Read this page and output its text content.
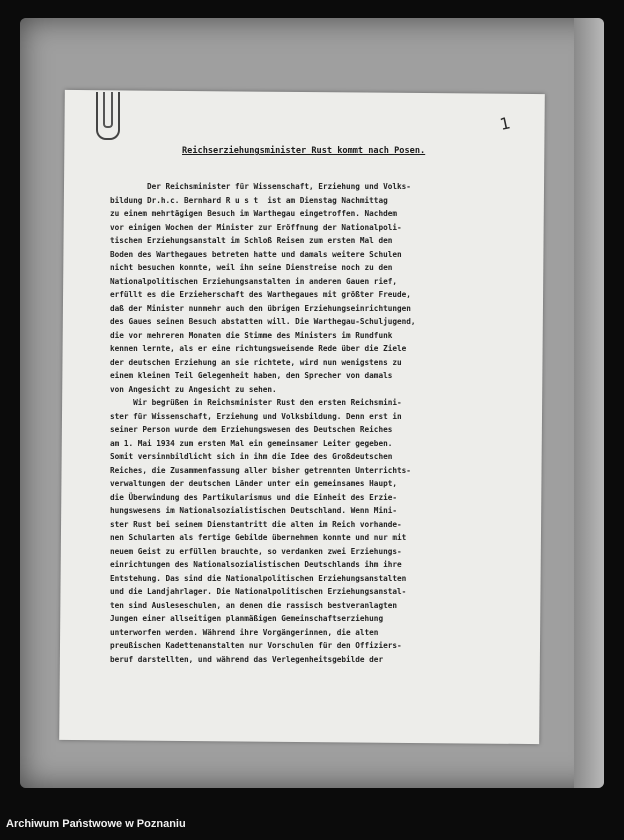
1
Reichserziehungsminister Rust kommt nach Posen.
Der Reichsminister für Wissenschaft, Erziehung und Volks-
bildung Dr.h.c. Bernhard R u s t  ist am Dienstag Nachmittag
zu einem mehrtägigen Besuch im Warthegau eingetroffen. Nachdem
vor einigen Wochen der Minister zur Eröffnung der Nationalpoli-
tischen Erziehungsanstalt im Schloß Reisen zum ersten Mal den
Boden des Warthegaues betreten hatte und damals weitere Schulen
nicht besuchen konnte, weil ihn seine Dienstreise noch zu den
Nationalpolitischen Erziehungsanstalten in anderen Gauen rief,
erfüllt es die Erzieherschaft des Warthegaues mit größter Freude,
daß der Minister nunmehr auch den übrigen Erziehungseinrichtungen
des Gaues seinen Besuch abstatten will. Die Warthegau-Schuljugend,
die vor mehreren Monaten die Stimme des Ministers im Rundfunk
kennen lernte, als er eine richtungsweisende Rede über die Ziele
der deutschen Erziehung an sie richtete, wird nun wenigstens zu
einem kleinen Teil Gelegenheit haben, den Sprecher von damals
von Angesicht zu Angesicht zu sehen.
Wir begrüßen in Reichsminister Rust den ersten Reichsmini-
ster für Wissenschaft, Erziehung und Volksbildung. Denn erst in
seiner Person wurde dem Erziehungswesen des Deutschen Reiches
am 1. Mai 1934 zum ersten Mal ein gemeinsamer Leiter gegeben.
Somit versinnbildlicht sich in ihm die Idee des Großdeutschen
Reiches, die Zusammenfassung aller bisher getrennten Unterrichts-
verwaltungen der deutschen Länder unter ein gemeinsames Haupt,
die Überwindung des Partikularismus und die Einheit des Erzie-
hungswesens im Nationalsozialistischen Deutschland. Wenn Mini-
ster Rust bei seinem Dienstantritt die alten im Reich vorhande-
nen Schularten als fertige Gebilde übernehmen konnte und nur mit
neuem Geist zu erfüllen brauchte, so verdanken zwei Erziehungs-
einrichtungen des Nationalsozialistischen Deutschlands ihm ihre
Entstehung. Das sind die Nationalpolitischen Erziehungsanstalten
und die Landjahrlager. Die Nationalpolitischen Erziehungsanstal-
ten sind Ausleseschulen, an denen die rassisch bestveranlagten
Jungen einer allseitigen planmäßigen Gemeinschaftserziehung
unterworfen werden. Während ihre Vorgängerinnen, die alten
preußischen Kadettenanstalten nur Vorschulen für den Offiziers-
beruf darstellten, und während das Verlegenheitsgebilde der
Archiwum Państwowe w Poznaniu
